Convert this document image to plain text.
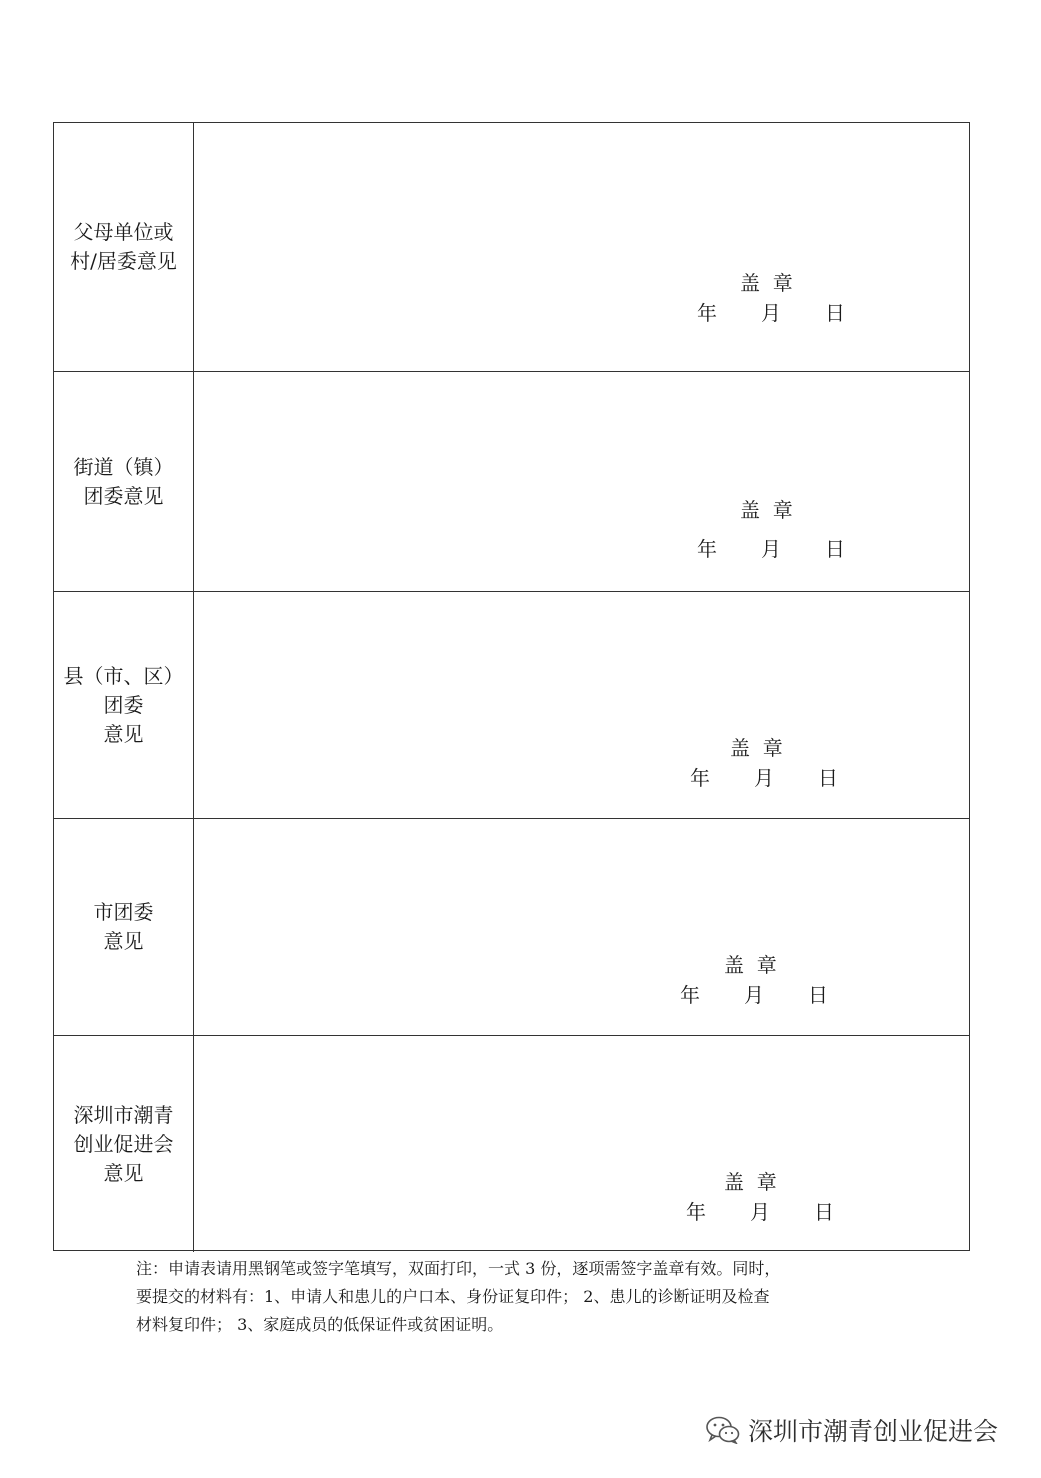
父母单位或
村/居委意见
盖  章
年 月 日
街道（镇）
团委意见
盖  章
年 月 日
县（市、区）
团委
意见
盖  章
年 月 日
市团委
意见
盖  章
年 月 日
深圳市潮青
创业促进会
意见	盖  章
年 月 日

注：申请表请用黑钢笔或签字笔填写，双面打印，一式 3 份，逐项需签字盖章有效。同时，

要提交的材料有：1、申请人和患儿的户口本、身份证复印件； 2、患儿的诊断证明及检查

材料复印件； 3、家庭成员的低保证件或贫困证明。

深圳市潮青创业促进会
